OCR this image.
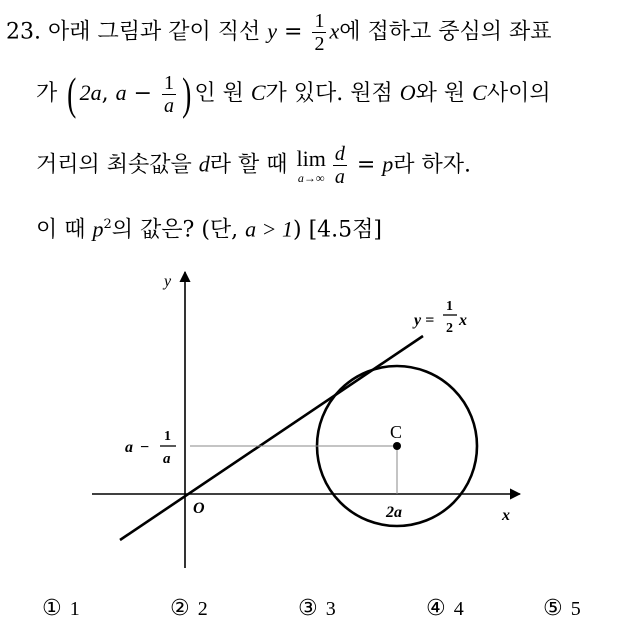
23. 아래 그림과 같이 직선 $y = \frac{1}{2}$ x에 접하고 중심의 좌표
가 ( 2a, $a - \frac{1}{a}$ ) 인 원 C가 있다. 원점 O와 원 C사이의
거리의 최솟값을 d라 할 때 lim
$a\to\infty \frac{d}{a} = p$라 하자.
이 때 $p^2$의 값은? (단, a > 1) [4.5점]
y
x
O
C
2a
y =
1
2 x
a −
1
a
① 1	② 2	③ 3	④ 4	⑤ 5
